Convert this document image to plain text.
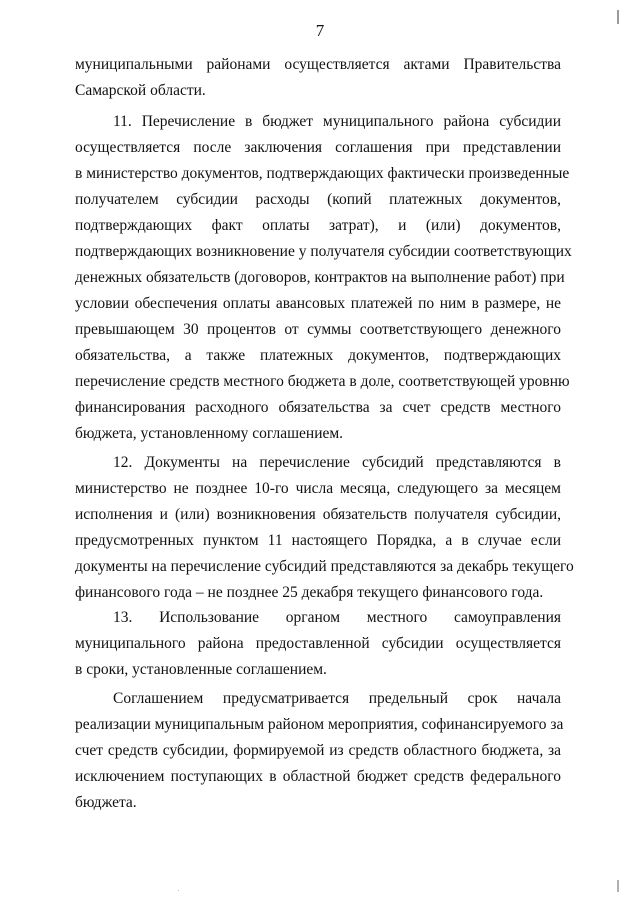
7
муниципальными районами осуществляется актами Правительства
Самарской области.
11. Перечисление в бюджет муниципального района субсидии
осуществляется после заключения соглашения при представлении
в министерство документов, подтверждающих фактически произведенные
получателем субсидии расходы (копий платежных документов,
подтверждающих факт оплаты затрат), и (или) документов,
подтверждающих возникновение у получателя субсидии соответствующих
денежных обязательств (договоров, контрактов на выполнение работ) при
условии обеспечения оплаты авансовых платежей по ним в размере, не
превышающем 30 процентов от суммы соответствующего денежного
обязательства, а также платежных документов, подтверждающих
перечисление средств местного бюджета в доле, соответствующей уровню
финансирования расходного обязательства за счет средств местного
бюджета, установленному соглашением.
12. Документы на перечисление субсидий представляются в
министерство не позднее 10-го числа месяца, следующего за месяцем
исполнения и (или) возникновения обязательств получателя субсидии,
предусмотренных пунктом 11 настоящего Порядка, а в случае если
документы на перечисление субсидий представляются за декабрь текущего
финансового года – не позднее 25 декабря текущего финансового года.
13. Использование органом местного самоуправления
муниципального района предоставленной субсидии осуществляется
в сроки, установленные соглашением.
Соглашением предусматривается предельный срок начала
реализации муниципальным районом мероприятия, софинансируемого за
счет средств субсидии, формируемой из средств областного бюджета, за
исключением поступающих в областной бюджет средств федерального
бюджета.
